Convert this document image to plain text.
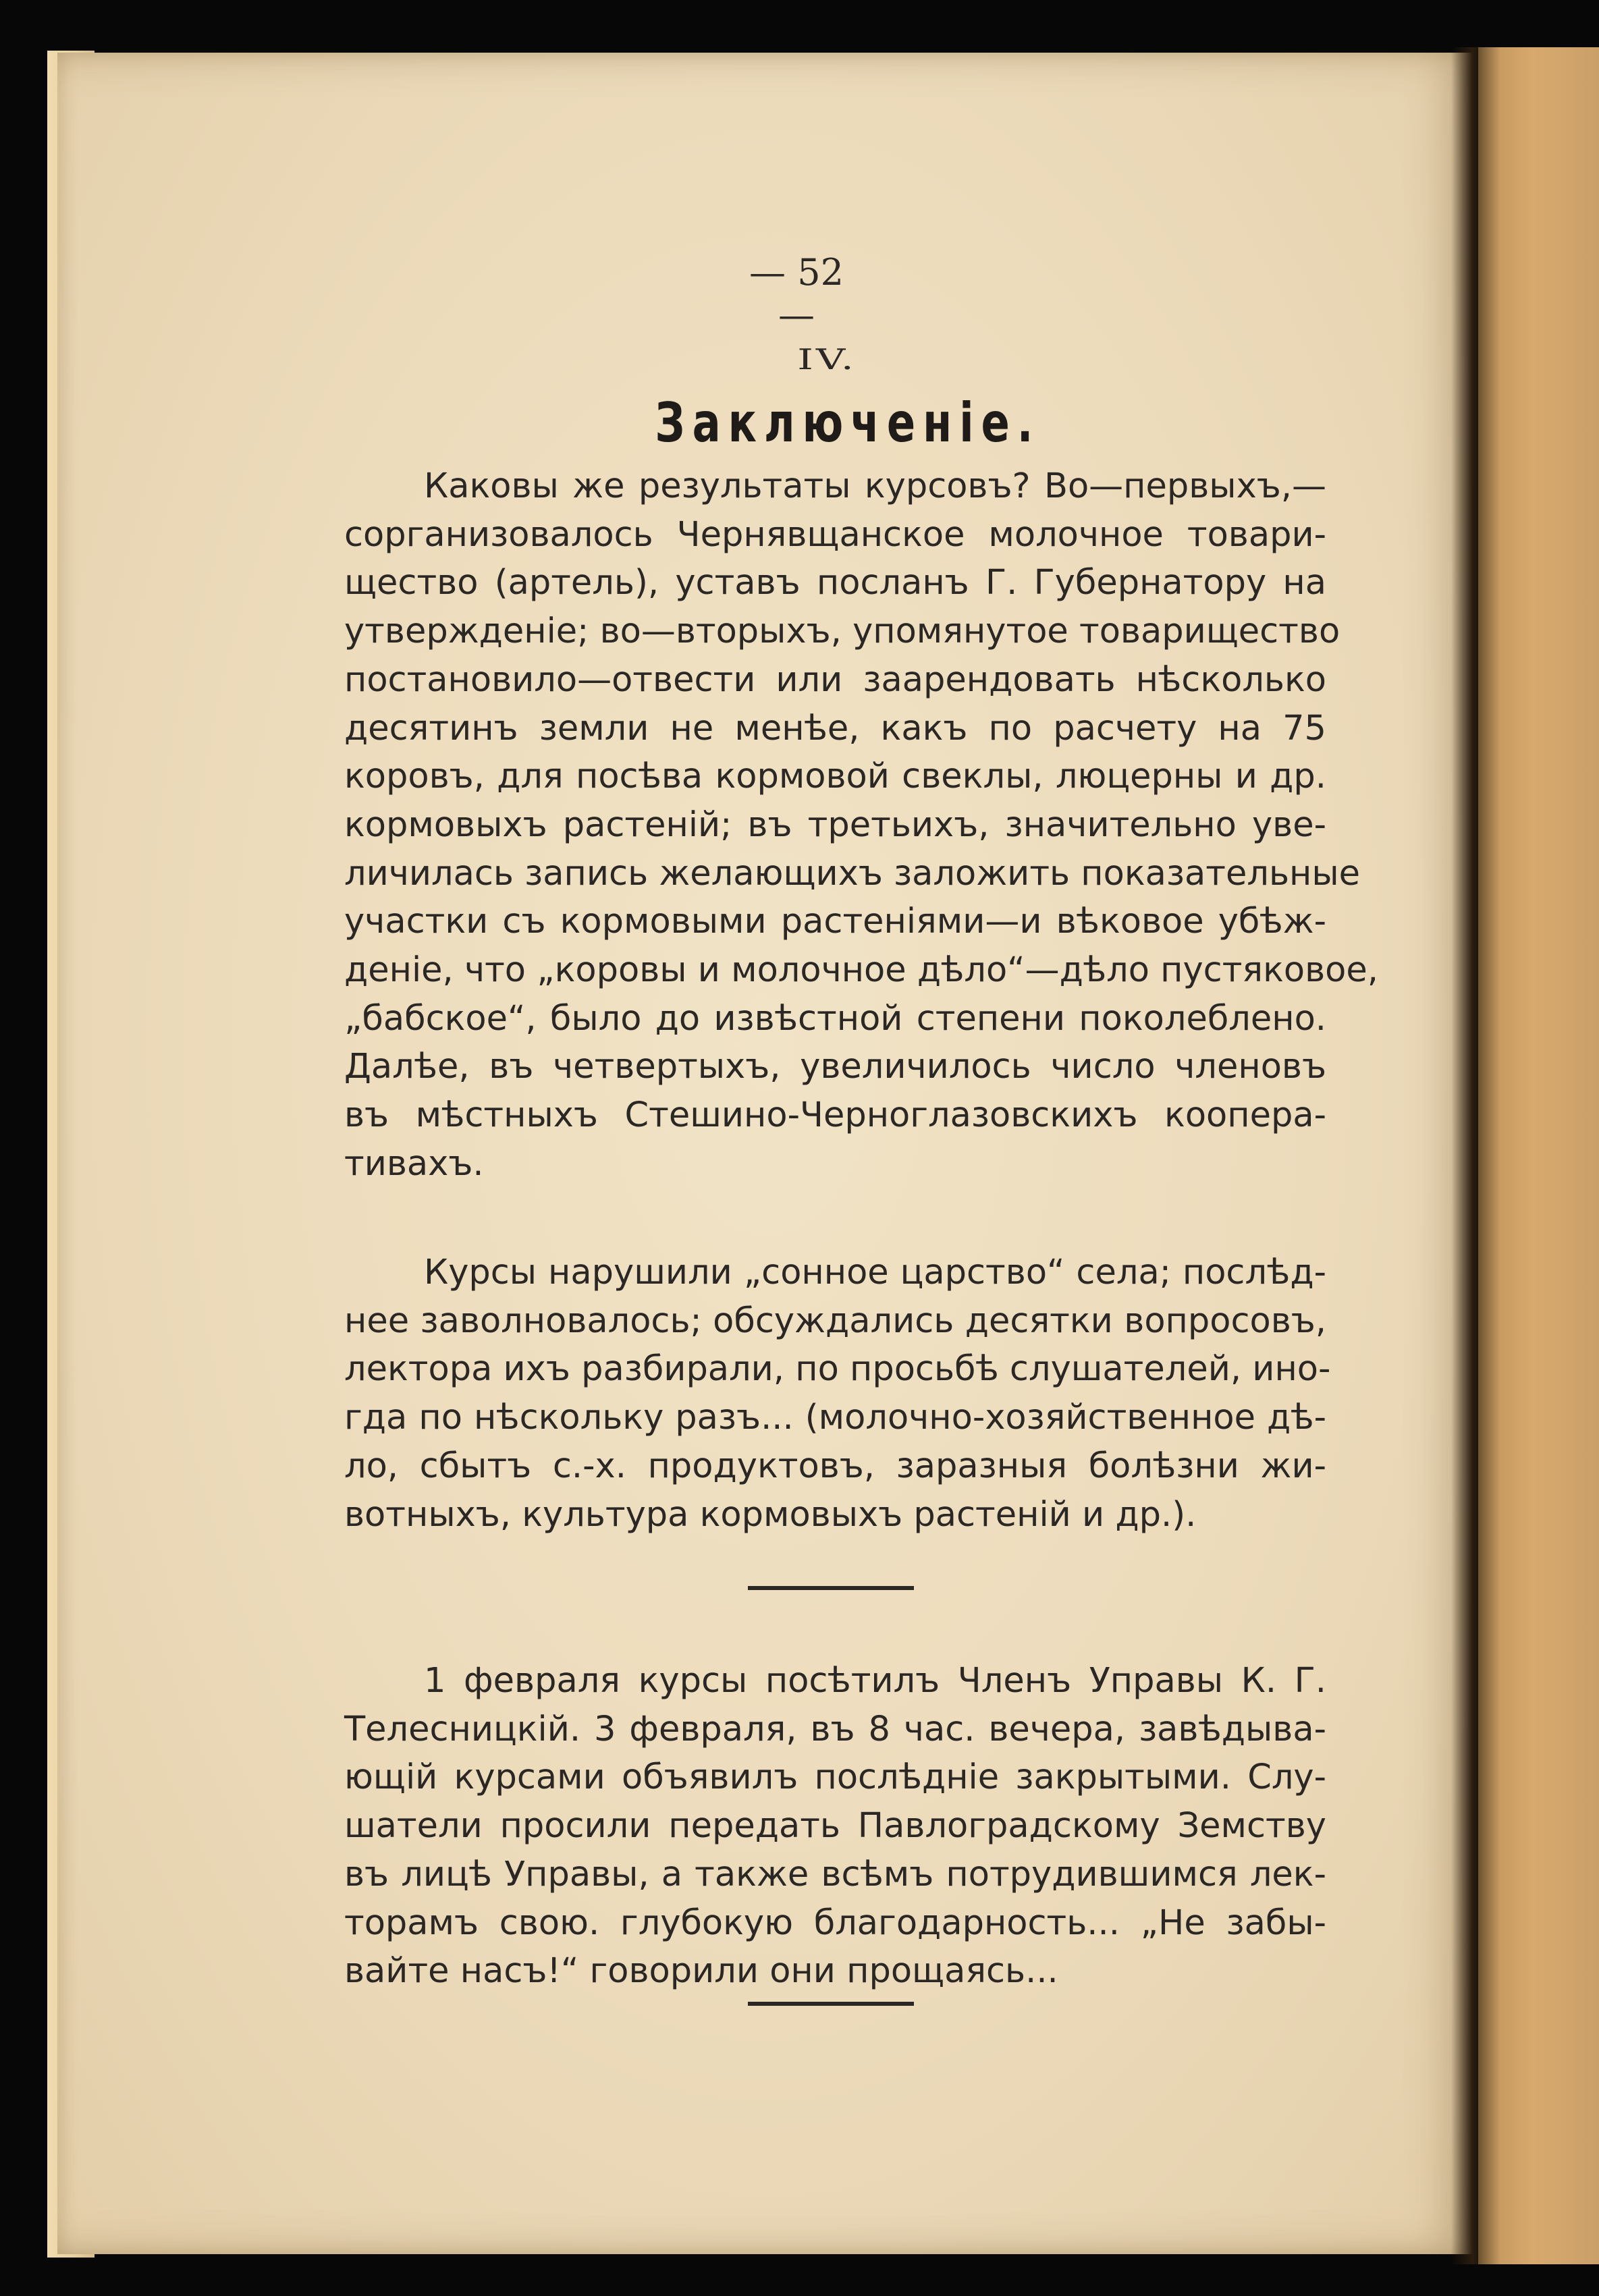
— 52 —
IV.
Заключеніе.
Каковы же результаты курсовъ? Во—первыхъ,—
сорганизовалось Чернявщанское молочное товари-
щество (артель), уставъ посланъ Г. Губернатору на
утвержденіе; во—вторыхъ, упомянутое товарищество
постановило—отвести или заарендовать нѣсколько
десятинъ земли не менѣе, какъ по расчету на 75
коровъ, для посѣва кормовой свеклы, люцерны и др.
кормовыхъ растеній; въ третьихъ, значительно уве-
личилась запись желающихъ заложить показательные
участки съ кормовыми растеніями—и вѣковое убѣж-
деніе, что „коровы и молочное дѣло“—дѣло пустяковое,
„бабское“, было до извѣстной степени поколеблено.
Далѣе, въ четвертыхъ, увеличилось число членовъ
въ мѣстныхъ Стешино-Черноглазовскихъ коопера-
тивахъ.
Курсы нарушили „сонное царство“ села; послѣд-
нее заволновалось; обсуждались десятки вопросовъ,
лектора ихъ разбирали, по просьбѣ слушателей, ино-
гда по нѣскольку разъ... (молочно-хозяйственное дѣ-
ло, сбытъ с.-х. продуктовъ, заразныя болѣзни жи-
вотныхъ, культура кормовыхъ растеній и др.).
1 февраля курсы посѣтилъ Членъ Управы К. Г.
Телесницкій. 3 февраля, въ 8 час. вечера, завѣдыва-
ющій курсами объявилъ послѣдніе закрытыми. Слу-
шатели просили передать Павлоградскому Земству
въ лицѣ Управы, а также всѣмъ потрудившимся лек-
торамъ свою. глубокую благодарность... „Не забы-
вайте насъ!“ говорили они прощаясь...
